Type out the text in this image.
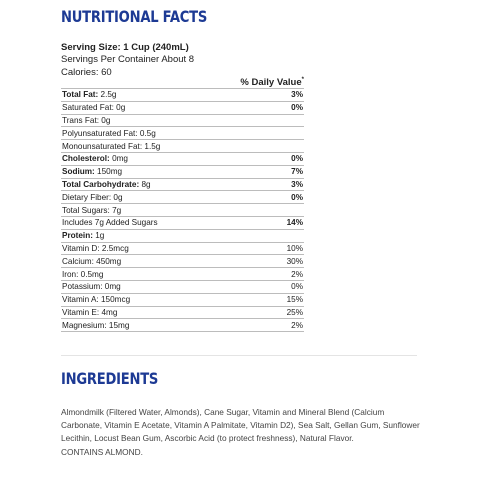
NUTRITIONAL FACTS
Serving Size: 1 Cup (240mL)
Servings Per Container About 8
Calories: 60
% Daily Value*
Total Fat: 2.5g	3%
Saturated Fat: 0g	0%
Trans Fat: 0g	
Polyunsaturated Fat: 0.5g	
Monounsaturated Fat: 1.5g	
Cholesterol: 0mg	0%
Sodium: 150mg	7%
Total Carbohydrate: 8g	3%
Dietary Fiber: 0g	0%
Total Sugars: 7g	
Includes 7g Added Sugars	14%
Protein: 1g	
Vitamin D: 2.5mcg	10%
Calcium: 450mg	30%
Iron: 0.5mg	2%
Potassium: 0mg	0%
Vitamin A: 150mcg	15%
Vitamin E: 4mg	25%
Magnesium: 15mg	2%
INGREDIENTS

Almondmilk (Filtered Water, Almonds), Cane Sugar, Vitamin and Mineral Blend (Calcium Carbonate, Vitamin E Acetate, Vitamin A Palmitate, Vitamin D2), Sea Salt, Gellan Gum, Sunflower Lecithin, Locust Bean Gum, Ascorbic Acid (to protect freshness), Natural Flavor.

CONTAINS ALMOND.
